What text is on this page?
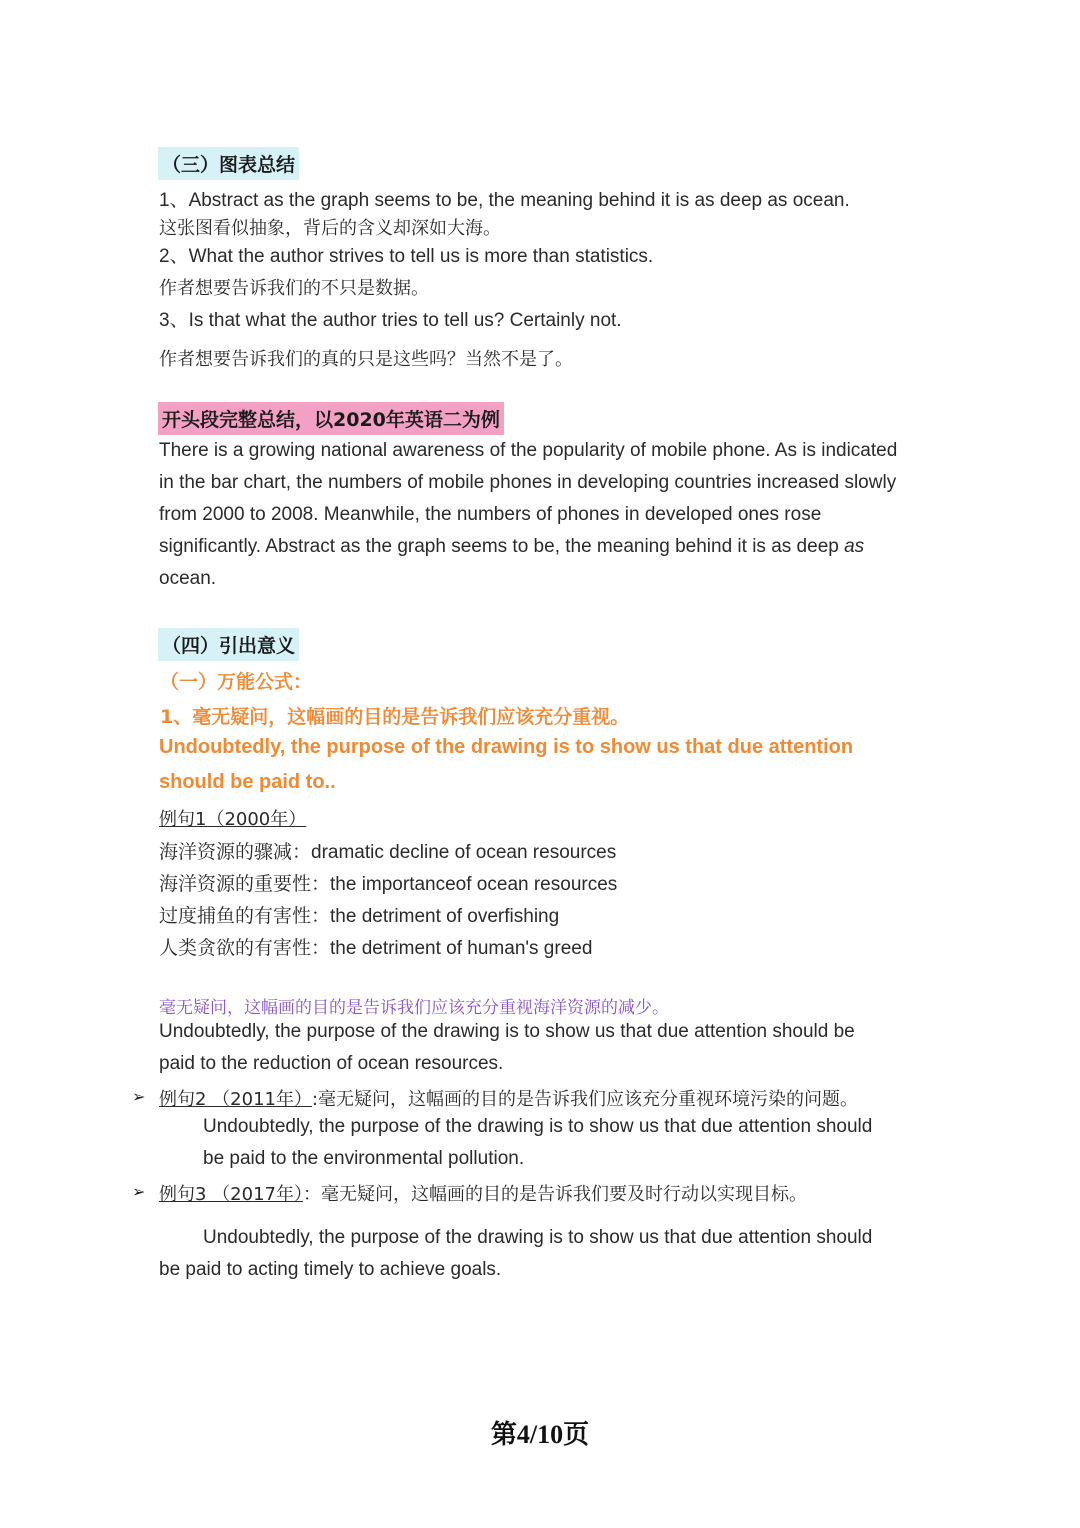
（三）图表总结
1、Abstract as the graph seems to be, the meaning behind it is as deep as ocean.
这张图看似抽象，背后的含义却深如大海。
2、What the author strives to tell us is more than statistics.
作者想要告诉我们的不只是数据。
3、Is that what the author tries to tell us? Certainly not.
作者想要告诉我们的真的只是这些吗？当然不是了。
开头段完整总结，以2020年英语二为例
There is a growing national awareness of the popularity of mobile phone. As is indicated
in the bar chart, the numbers of mobile phones in developing countries increased slowly
from 2000 to 2008. Meanwhile, the numbers of phones in developed ones rose
significantly. Abstract as the graph seems to be, the meaning behind it is as deep as
ocean.
（四）引出意义
（一）万能公式：
1、毫无疑问，这幅画的目的是告诉我们应该充分重视。
Undoubtedly, the purpose of the drawing is to show us that due attention
should be paid to..
例句1（2000年）
海洋资源的骤减：dramatic decline of ocean resources
海洋资源的重要性：the importanceof ocean resources
过度捕鱼的有害性：the detriment of overfishing
人类贪欲的有害性：the detriment of human's greed
毫无疑问，这幅画的目的是告诉我们应该充分重视海洋资源的减少。
Undoubtedly, the purpose of the drawing is to show us that due attention should be
paid to the reduction of ocean resources.
➢ 例句2 （2011年）:毫无疑问，这幅画的目的是告诉我们应该充分重视环境污染的问题。
Undoubtedly, the purpose of the drawing is to show us that due attention should
be paid to the environmental pollution.
➢ 例句3 （2017年）：毫无疑问，这幅画的目的是告诉我们要及时行动以实现目标。
Undoubtedly, the purpose of the drawing is to show us that due attention should
be paid to acting timely to achieve goals.
第4/10页
